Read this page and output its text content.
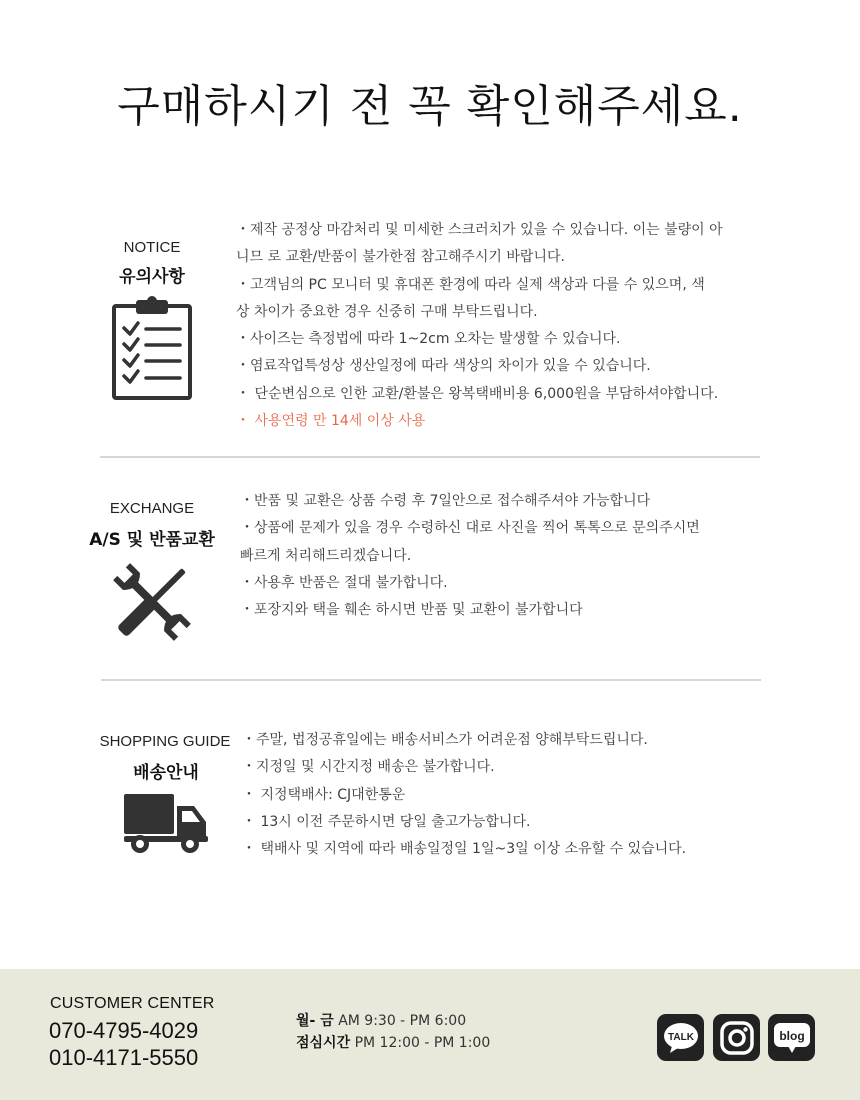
구매하시기 전 꼭 확인해주세요.
NOTICE
유의사항
・제작 공정상 마감처리 및 미세한 스크러치가 있을 수 있습니다. 이는 불량이 아
니므 로 교환/반품이 불가한점 참고해주시기 바랍니다.
・고객님의 PC 모니터 및 휴대폰 환경에 따라 실제 색상과 다를 수 있으며, 색
상 차이가 중요한 경우 신중히 구매 부탁드립니다.
・사이즈는 측정법에 따라 1~2cm 오차는 발생할 수 있습니다.
・염료작업특성상 생산일정에 따라 색상의 차이가 있을 수 있습니다.
・ 단순변심으로 인한 교환/환불은 왕복택배비용 6,000원을 부담하셔야합니다.
・ 사용연령 만 14세 이상 사용
EXCHANGE
A/S 및 반품교환
・반품 및 교환은 상품 수령 후 7일안으로 접수해주셔야 가능합니다
・상품에 문제가 있을 경우 수령하신 대로 사진을 찍어 톡톡으로 문의주시면
빠르게 처리해드리겠습니다.
・사용후 반품은 절대 불가합니다.
・포장지와 택을 훼손 하시면 반품 및 교환이 불가합니다
SHOPPING GUIDE
배송안내
・주말, 법정공휴일에는 배송서비스가 어려운점 양해부탁드립니다.
・지정일 및 시간지정 배송은 불가합니다.
・ 지정택배사: CJ대한통운
・ 13시 이전 주문하시면 당일 출고가능합니다.
・ 택배사 및 지역에 따라 배송일정일 1일~3일 이상 소유할 수 있습니다.
CUSTOMER CENTER
070-4795-4029
010-4171-5550
월- 금 AM 9:30 - PM 6:00
점심시간 PM 12:00 - PM 1:00	TALK	blog
